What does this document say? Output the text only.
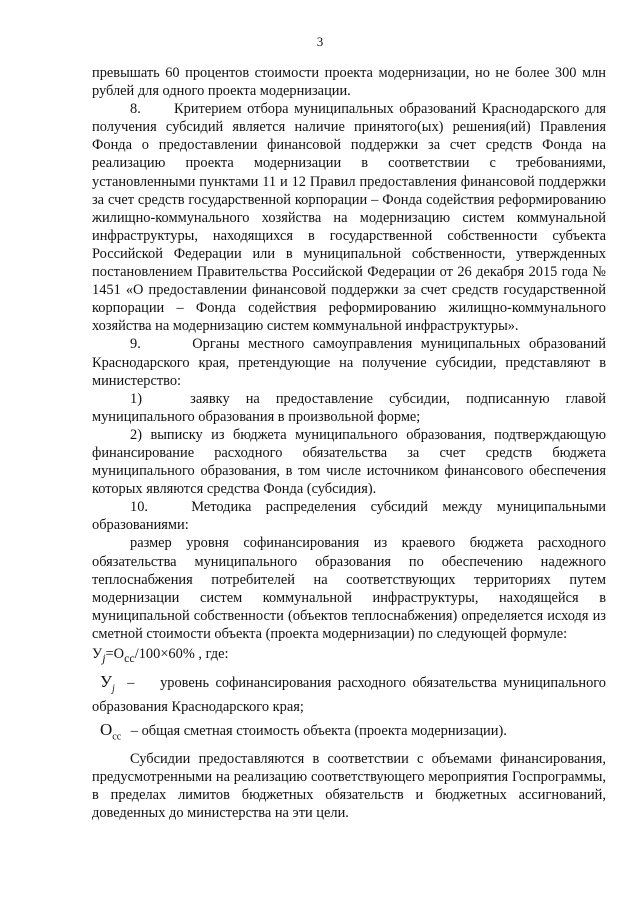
3

превышать 60 процентов стоимости проекта модернизации, но не более 300 млн рублей для одного проекта модернизации.

8.      Критерием отбора муниципальных образований Краснодарского для получения субсидий является наличие принятого(ых) решения(ий) Правления Фонда о предоставлении финансовой поддержки за счет средств Фонда на реализацию проекта модернизации в соответствии с требованиями, установленными пунктами 11 и 12 Правил предоставления финансовой поддержки за счет средств государственной корпорации – Фонда содействия реформированию жилищно-коммунального хозяйства на модернизацию систем коммунальной инфраструктуры, находящихся в государственной собственности субъекта Российской Федерации или в муниципальной собственности, утвержденных постановлением Правительства Российской Федерации от 26 декабря 2015 года № 1451 «О предоставлении финансовой поддержки за счет средств государственной корпорации – Фонда содействия реформированию жилищно-коммунального хозяйства на модернизацию систем коммунальной инфраструктуры».

9.      Органы местного самоуправления муниципальных образований Краснодарского края, претендующие на получение субсидии, представляют в министерство:

1)   заявку на предоставление субсидии, подписанную главой муниципального образования в произвольной форме;

2) выписку из бюджета муниципального образования, подтверждающую финансирование расходного обязательства за счет средств бюджета муниципального образования, в том числе источником финансового обеспечения которых являются средства Фонда (субсидия).

10.   Методика распределения субсидий между муниципальными образованиями:

размер уровня софинансирования из краевого бюджета расходного обязательства муниципального образования по обеспечению надежного теплоснабжения потребителей на соответствующих территориях путем модернизации систем коммунальной инфраструктуры, находящейся в муниципальной собственности (объектов теплоснабжения) определяется исходя из сметной стоимости объекта (проекта модернизации) по следующей формуле:

$У_j=О_{сс}/100\times 60\%$ , где:

$У_j$ –    уровень софинансирования расходного обязательства муниципального образования Краснодарского края;

$О_{сс}$ – общая сметная стоимость объекта (проекта модернизации).

Субсидии предоставляются в соответствии с объемами финансирования, предусмотренными на реализацию соответствующего мероприятия Госпрограммы, в пределах лимитов бюджетных обязательств и бюджетных ассигнований, доведенных до министерства на эти цели.
